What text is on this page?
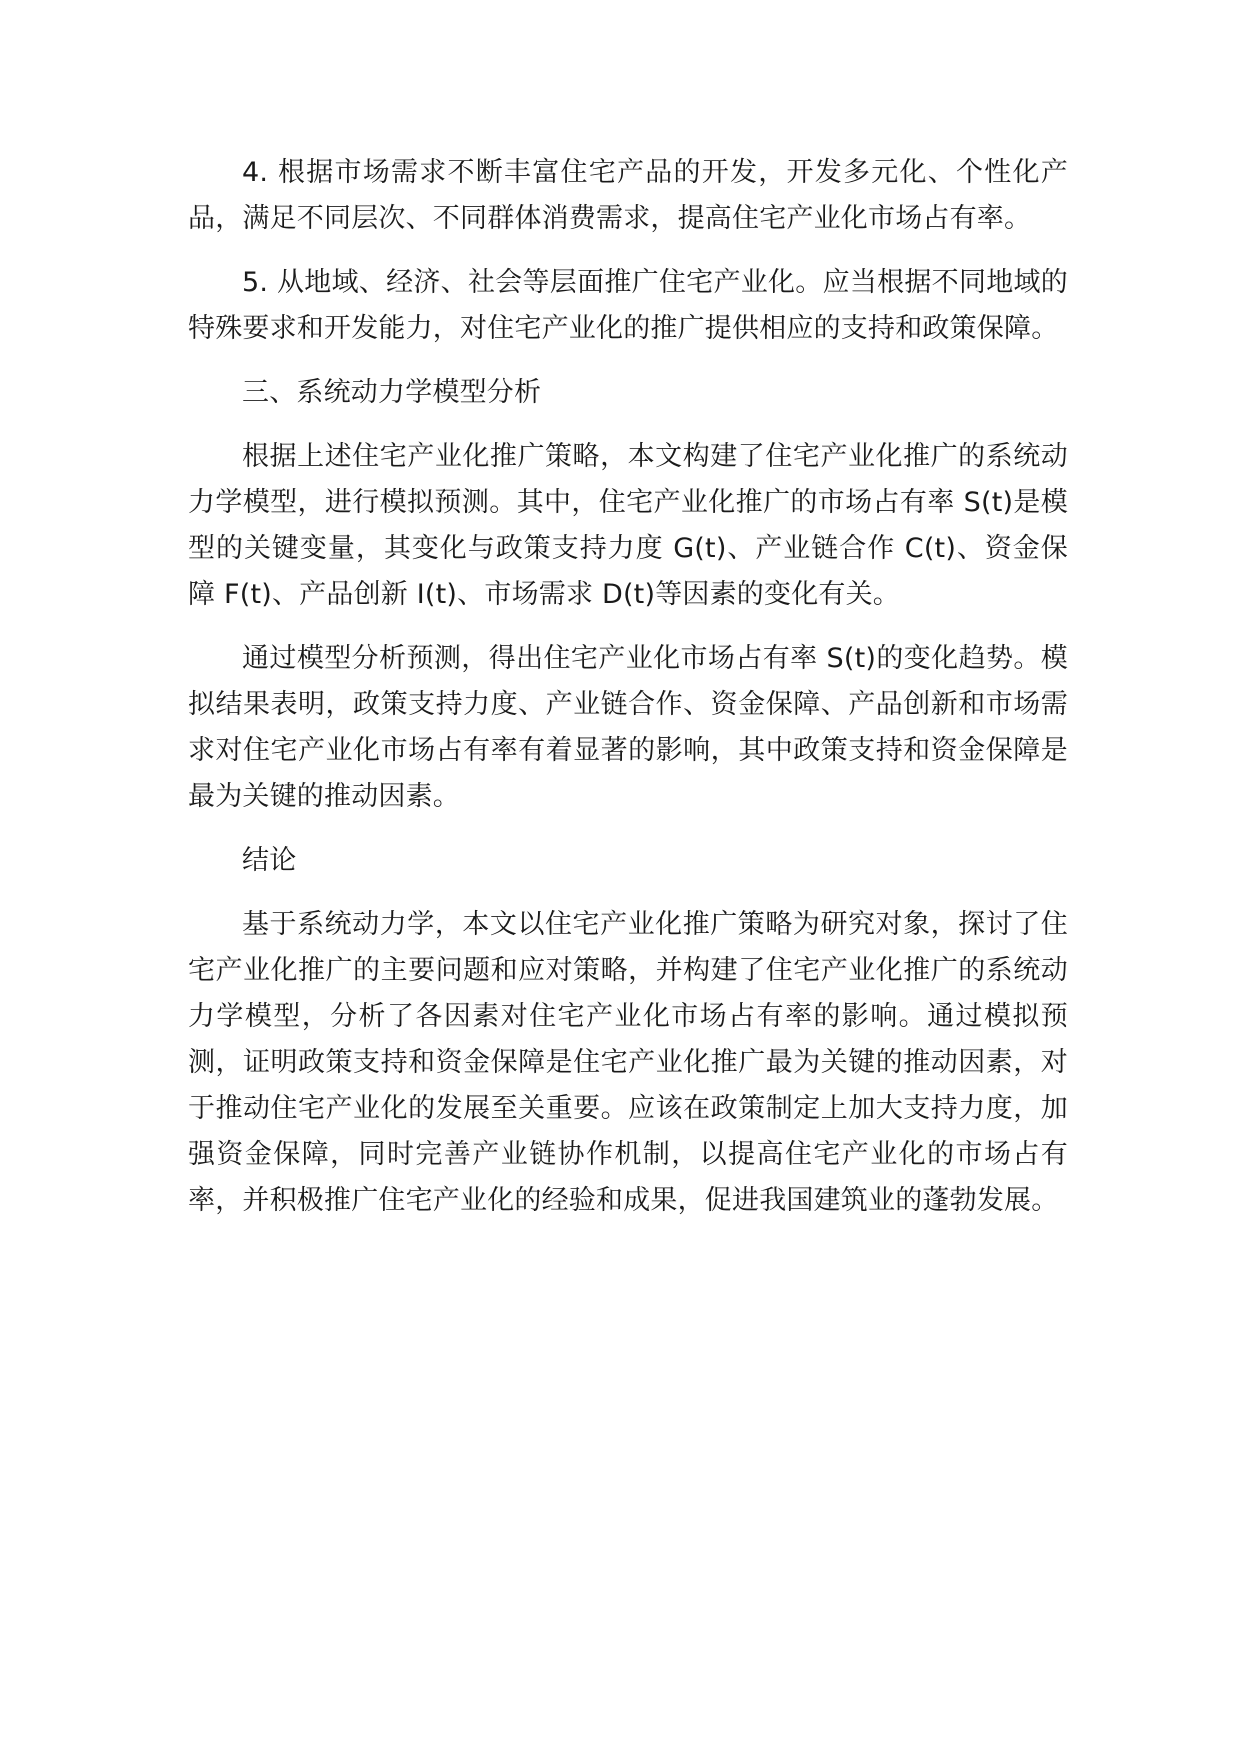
4. 根据市场需求不断丰富住宅产品的开发，开发多元化、个性化产品，满足不同层次、不同群体消费需求，提高住宅产业化市场占有率。

5. 从地域、经济、社会等层面推广住宅产业化。应当根据不同地域的特殊要求和开发能力，对住宅产业化的推广提供相应的支持和政策保障。

三、系统动力学模型分析

根据上述住宅产业化推广策略，本文构建了住宅产业化推广的系统动力学模型，进行模拟预测。其中，住宅产业化推广的市场占有率 S(t)是模型的关键变量，其变化与政策支持力度 G(t)、产业链合作 C(t)、资金保障 F(t)、产品创新 I(t)、市场需求 D(t)等因素的变化有关。

通过模型分析预测，得出住宅产业化市场占有率 S(t)的变化趋势。模拟结果表明，政策支持力度、产业链合作、资金保障、产品创新和市场需求对住宅产业化市场占有率有着显著的影响，其中政策支持和资金保障是最为关键的推动因素。

结论

基于系统动力学，本文以住宅产业化推广策略为研究对象，探讨了住宅产业化推广的主要问题和应对策略，并构建了住宅产业化推广的系统动力学模型，分析了各因素对住宅产业化市场占有率的影响。通过模拟预测，证明政策支持和资金保障是住宅产业化推广最为关键的推动因素，对于推动住宅产业化的发展至关重要。应该在政策制定上加大支持力度，加强资金保障，同时完善产业链协作机制，以提高住宅产业化的市场占有率，并积极推广住宅产业化的经验和成果，促进我国建筑业的蓬勃发展。
